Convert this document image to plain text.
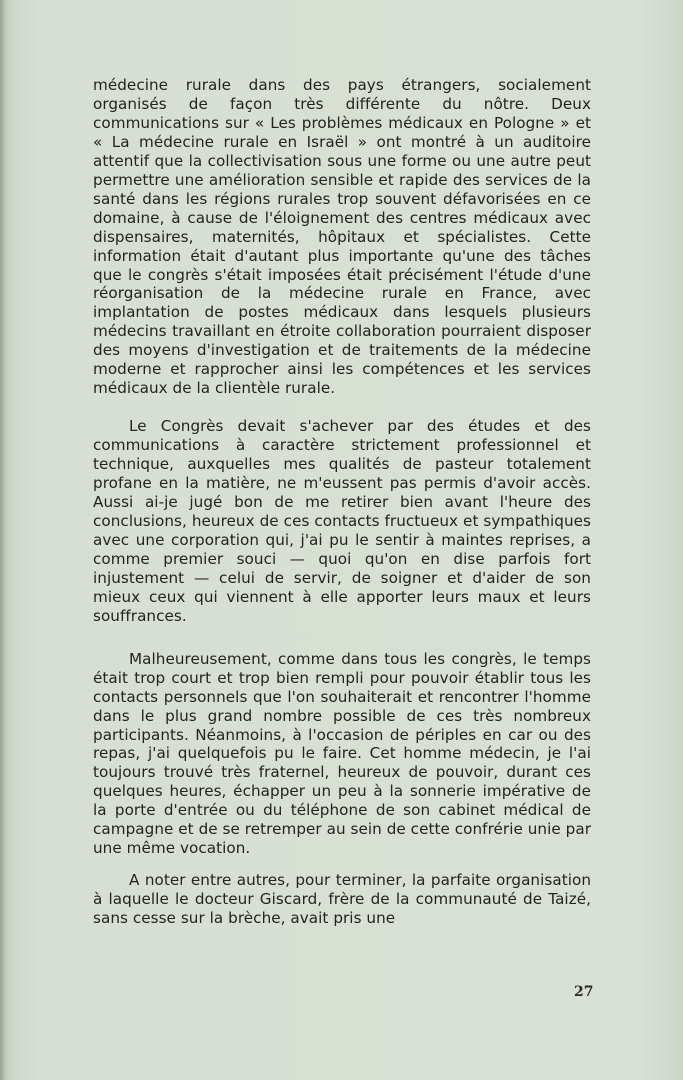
médecine rurale dans des pays étrangers, socialement organisés de façon très différente du nôtre. Deux communications sur « Les problèmes médicaux en Pologne » et « La médecine rurale en Israël » ont montré à un auditoire attentif que la collectivisation sous une forme ou une autre peut permettre une amélioration sensible et rapide des services de la santé dans les régions rurales trop souvent défavorisées en ce domaine, à cause de l'éloignement des centres médicaux avec dispensaires, maternités, hôpitaux et spécialistes. Cette information était d'autant plus importante qu'une des tâches que le congrès s'était imposées était précisément l'étude d'une réorganisation de la médecine rurale en France, avec implantation de postes médicaux dans lesquels plusieurs médecins travaillant en étroite collaboration pourraient disposer des moyens d'investigation et de traitements de la médecine moderne et rapprocher ainsi les compétences et les services médicaux de la clientèle rurale.

Le Congrès devait s'achever par des études et des communications à caractère strictement professionnel et technique, auxquelles mes qualités de pasteur totalement profane en la matière, ne m'eussent pas permis d'avoir accès. Aussi ai-je jugé bon de me retirer bien avant l'heure des conclusions, heureux de ces contacts fructueux et sympathiques avec une corporation qui, j'ai pu le sentir à maintes reprises, a comme premier souci — quoi qu'on en dise parfois fort injustement — celui de servir, de soigner et d'aider de son mieux ceux qui viennent à elle apporter leurs maux et leurs souffrances.

Malheureusement, comme dans tous les congrès, le temps était trop court et trop bien rempli pour pouvoir établir tous les contacts personnels que l'on souhaiterait et rencontrer l'homme dans le plus grand nombre possible de ces très nombreux participants. Néanmoins, à l'occasion de périples en car ou des repas, j'ai quelquefois pu le faire. Cet homme médecin, je l'ai toujours trouvé très fraternel, heureux de pouvoir, durant ces quelques heures, échapper un peu à la sonnerie impérative de la porte d'entrée ou du téléphone de son cabinet médical de campagne et de se retremper au sein de cette confrérie unie par une même vocation.

A noter entre autres, pour terminer, la parfaite organisation à laquelle le docteur Giscard, frère de la communauté de Taizé, sans cesse sur la brèche, avait pris une

27
